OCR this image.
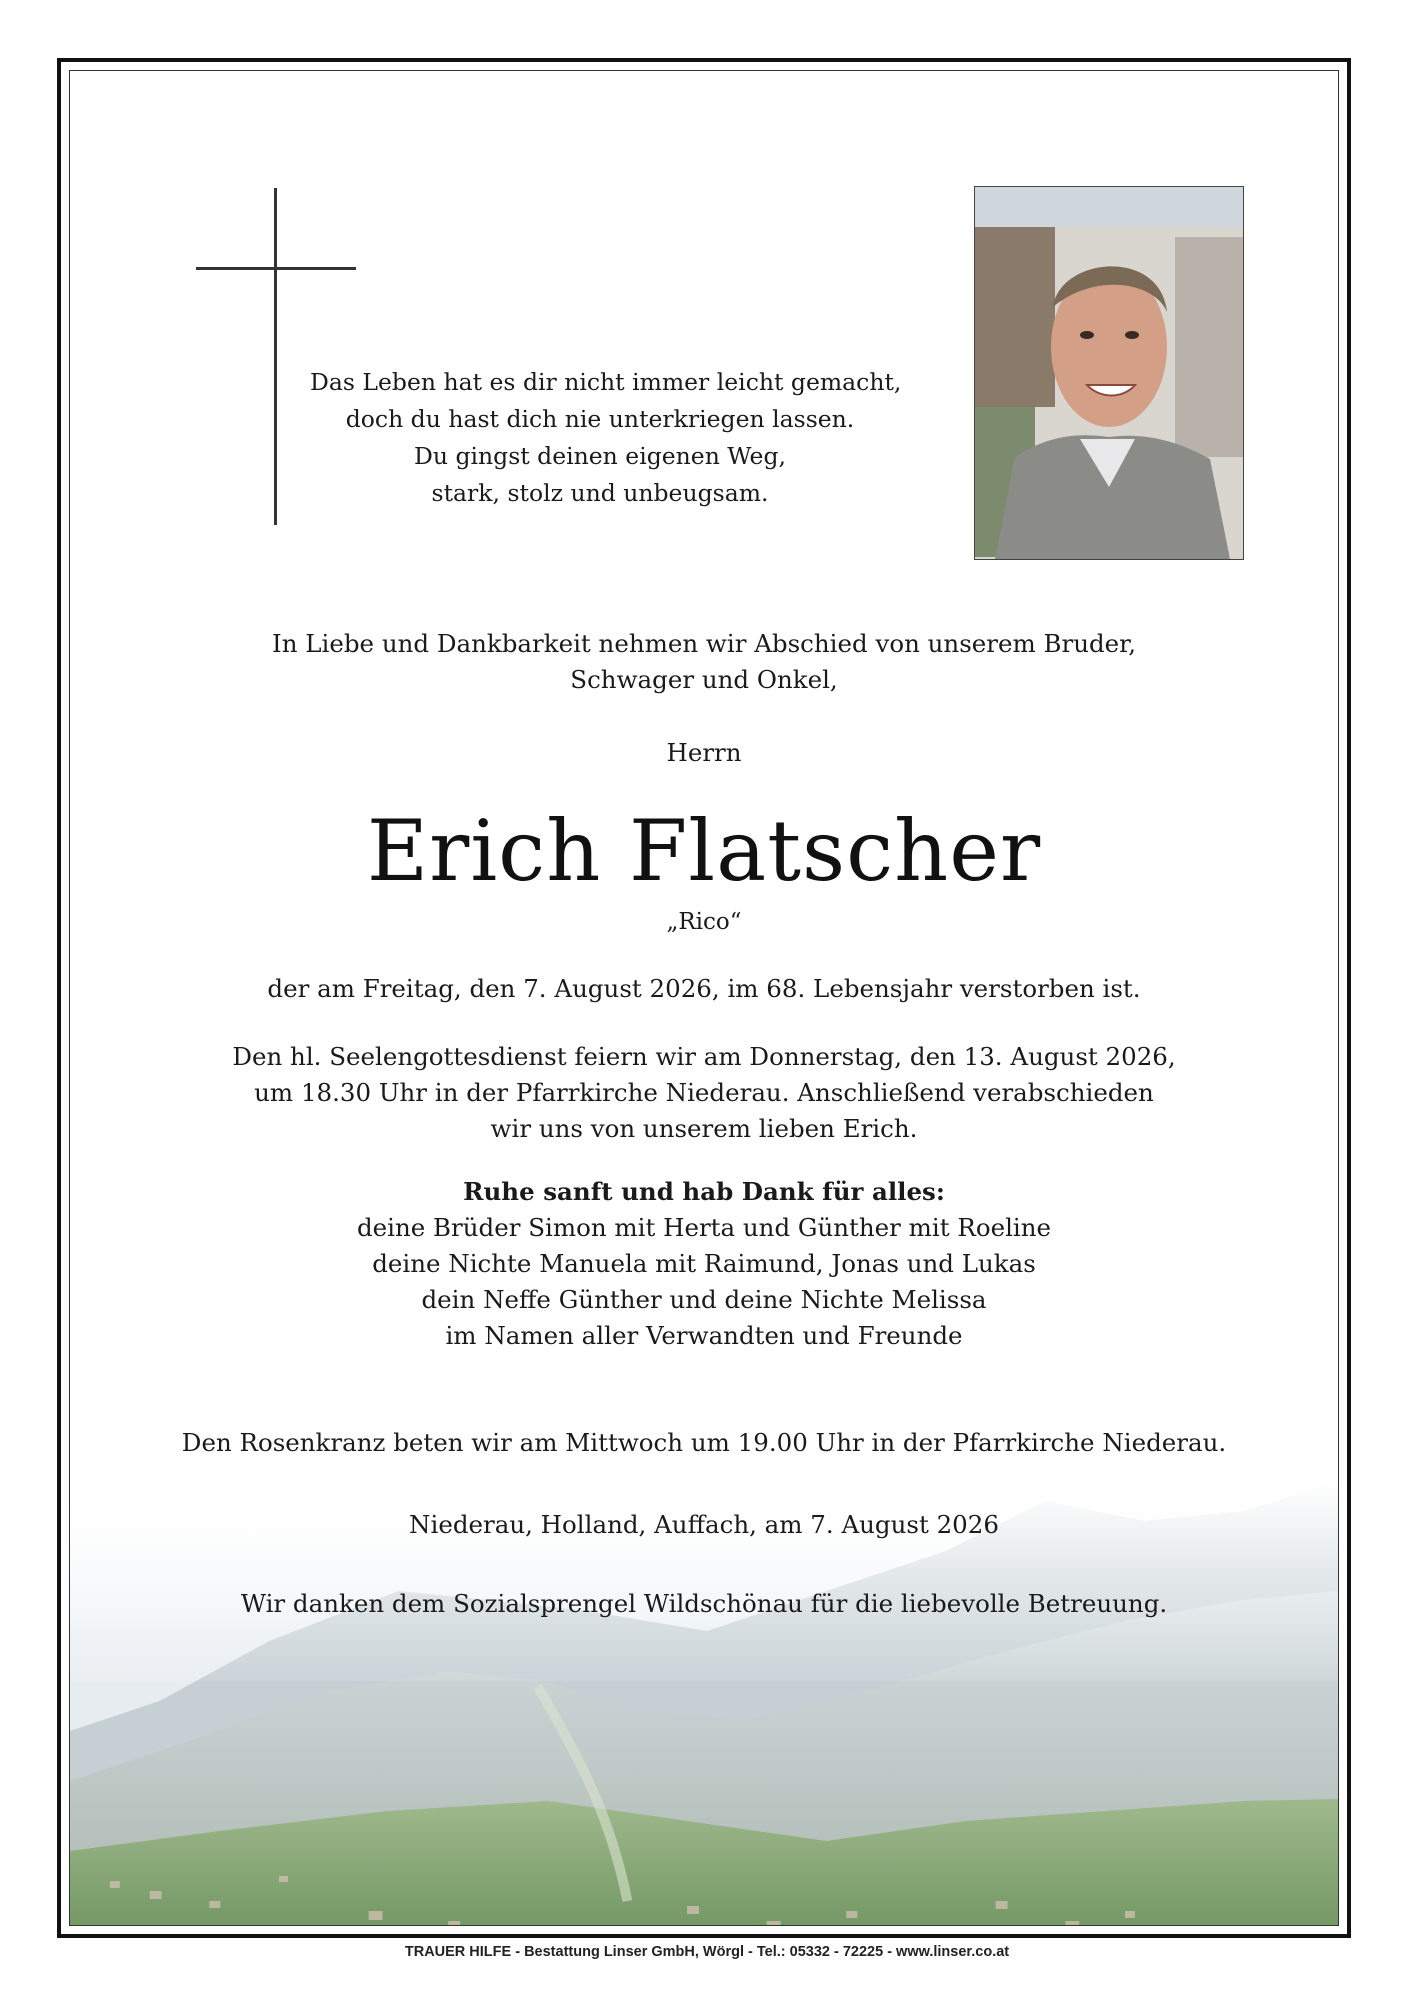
Das Leben hat es dir nicht immer leicht gemacht,
doch du hast dich nie unterkriegen lassen.
Du gingst deinen eigenen Weg,
stark, stolz und unbeugsam.
In Liebe und Dankbarkeit nehmen wir Abschied von unserem Bruder,
Schwager und Onkel,
Herrn
Erich Flatscher
„Rico“
der am Freitag, den 7. August 2026, im 68. Lebensjahr verstorben ist.
Den hl. Seelengottesdienst feiern wir am Donnerstag, den 13. August 2026,
um 18.30 Uhr in der Pfarrkirche Niederau. Anschließend verabschieden
wir uns von unserem lieben Erich.
Ruhe sanft und hab Dank für alles:
deine Brüder Simon mit Herta und Günther mit Roeline
deine Nichte Manuela mit Raimund, Jonas und Lukas
dein Neffe Günther und deine Nichte Melissa
im Namen aller Verwandten und Freunde
Den Rosenkranz beten wir am Mittwoch um 19.00 Uhr in der Pfarrkirche Niederau.
Niederau, Holland, Auffach, am 7. August 2026
Wir danken dem Sozialsprengel Wildschönau für die liebevolle Betreuung.
TRAUER HILFE - Bestattung Linser GmbH, Wörgl - Tel.: 05332 - 72225 - www.linser.co.at
